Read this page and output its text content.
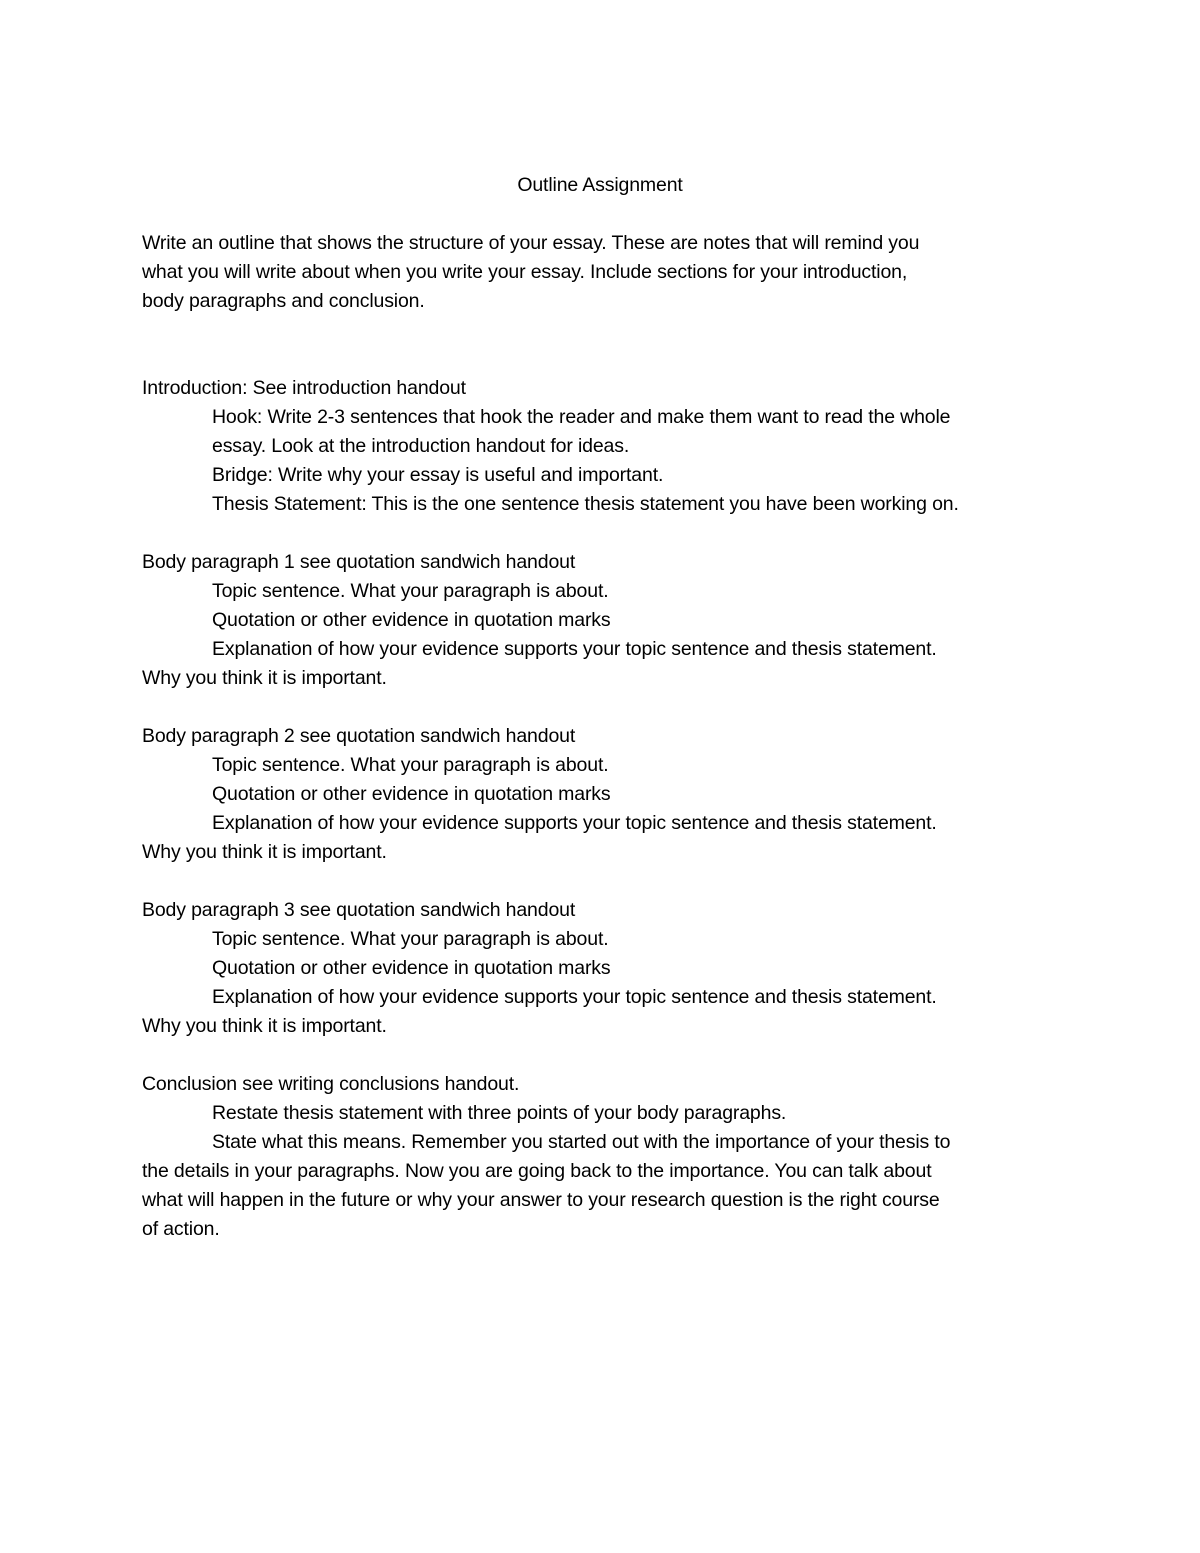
Outline Assignment

Write an outline that shows the structure of your essay. These are notes that will remind you

what you will write about when you write your essay. Include sections for your introduction,

body paragraphs and conclusion.

Introduction: See introduction handout

Hook: Write 2-3 sentences that hook the reader and make them want to read the whole

essay. Look at the introduction handout for ideas.

Bridge: Write why your essay is useful and important.

Thesis Statement: This is the one sentence thesis statement you have been working on.

Body paragraph 1 see quotation sandwich handout

Topic sentence. What your paragraph is about.

Quotation or other evidence in quotation marks

Explanation of how your evidence supports your topic sentence and thesis statement.

Why you think it is important.

Body paragraph 2 see quotation sandwich handout

Topic sentence. What your paragraph is about.

Quotation or other evidence in quotation marks

Explanation of how your evidence supports your topic sentence and thesis statement.

Why you think it is important.

Body paragraph 3 see quotation sandwich handout

Topic sentence. What your paragraph is about.

Quotation or other evidence in quotation marks

Explanation of how your evidence supports your topic sentence and thesis statement.

Why you think it is important.

Conclusion see writing conclusions handout.

Restate thesis statement with three points of your body paragraphs.

State what this means. Remember you started out with the importance of your thesis to

the details in your paragraphs. Now you are going back to the importance. You can talk about

what will happen in the future or why your answer to your research question is the right course

of action.
